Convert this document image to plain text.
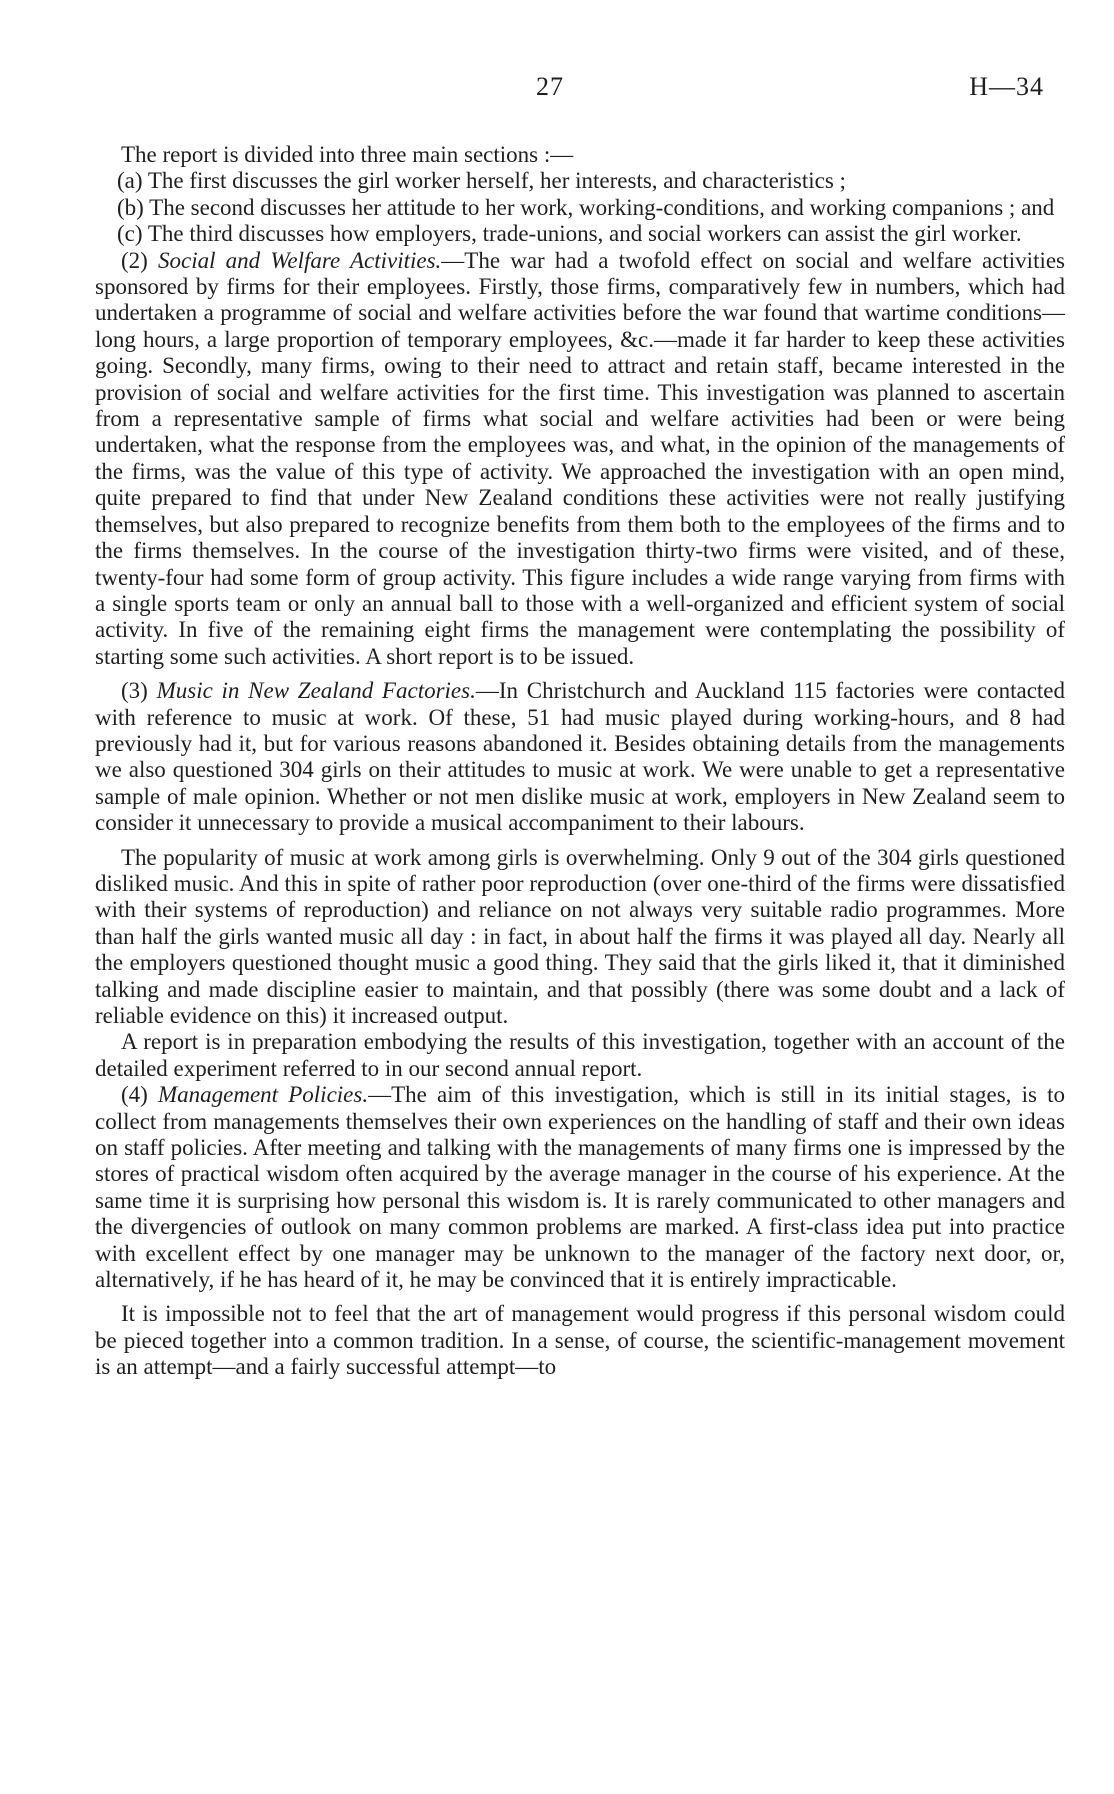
27	H—34

The report is divided into three main sections :—

(a) The first discusses the girl worker herself, her interests, and characteristics ;

(b) The second discusses her attitude to her work, working-conditions, and working companions ; and

(c) The third discusses how employers, trade-unions, and social workers can assist the girl worker.

(2) Social and Welfare Activities.—The war had a twofold effect on social and welfare activities sponsored by firms for their employees. Firstly, those firms, comparatively few in numbers, which had undertaken a programme of social and welfare activities before the war found that wartime conditions—long hours, a large proportion of temporary employees, &c.—made it far harder to keep these activities going. Secondly, many firms, owing to their need to attract and retain staff, became interested in the provision of social and welfare activities for the first time. This investigation was planned to ascertain from a representative sample of firms what social and welfare activities had been or were being undertaken, what the response from the employees was, and what, in the opinion of the managements of the firms, was the value of this type of activity. We approached the investigation with an open mind, quite prepared to find that under New Zealand conditions these activities were not really justifying themselves, but also prepared to recognize benefits from them both to the employees of the firms and to the firms themselves. In the course of the investigation thirty-two firms were visited, and of these, twenty-four had some form of group activity. This figure includes a wide range varying from firms with a single sports team or only an annual ball to those with a well-organized and efficient system of social activity. In five of the remaining eight firms the management were contemplating the possibility of starting some such activities. A short report is to be issued.

(3) Music in New Zealand Factories.—In Christchurch and Auckland 115 factories were contacted with reference to music at work. Of these, 51 had music played during working-hours, and 8 had previously had it, but for various reasons abandoned it. Besides obtaining details from the managements we also questioned 304 girls on their attitudes to music at work. We were unable to get a representative sample of male opinion. Whether or not men dislike music at work, employers in New Zealand seem to consider it unnecessary to provide a musical accompaniment to their labours.

The popularity of music at work among girls is overwhelming. Only 9 out of the 304 girls questioned disliked music. And this in spite of rather poor reproduction (over one-third of the firms were dissatisfied with their systems of reproduction) and reliance on not always very suitable radio programmes. More than half the girls wanted music all day : in fact, in about half the firms it was played all day. Nearly all the employers questioned thought music a good thing. They said that the girls liked it, that it diminished talking and made discipline easier to maintain, and that possibly (there was some doubt and a lack of reliable evidence on this) it increased output.

A report is in preparation embodying the results of this investigation, together with an account of the detailed experiment referred to in our second annual report.

(4) Management Policies.—The aim of this investigation, which is still in its initial stages, is to collect from managements themselves their own experiences on the handling of staff and their own ideas on staff policies. After meeting and talking with the managements of many firms one is impressed by the stores of practical wisdom often acquired by the average manager in the course of his experience. At the same time it is surprising how personal this wisdom is. It is rarely communicated to other managers and the divergencies of outlook on many common problems are marked. A first-class idea put into practice with excellent effect by one manager may be unknown to the manager of the factory next door, or, alternatively, if he has heard of it, he may be convinced that it is entirely impracticable.

It is impossible not to feel that the art of management would progress if this personal wisdom could be pieced together into a common tradition. In a sense, of course, the scientific-management movement is an attempt—and a fairly successful attempt—to
